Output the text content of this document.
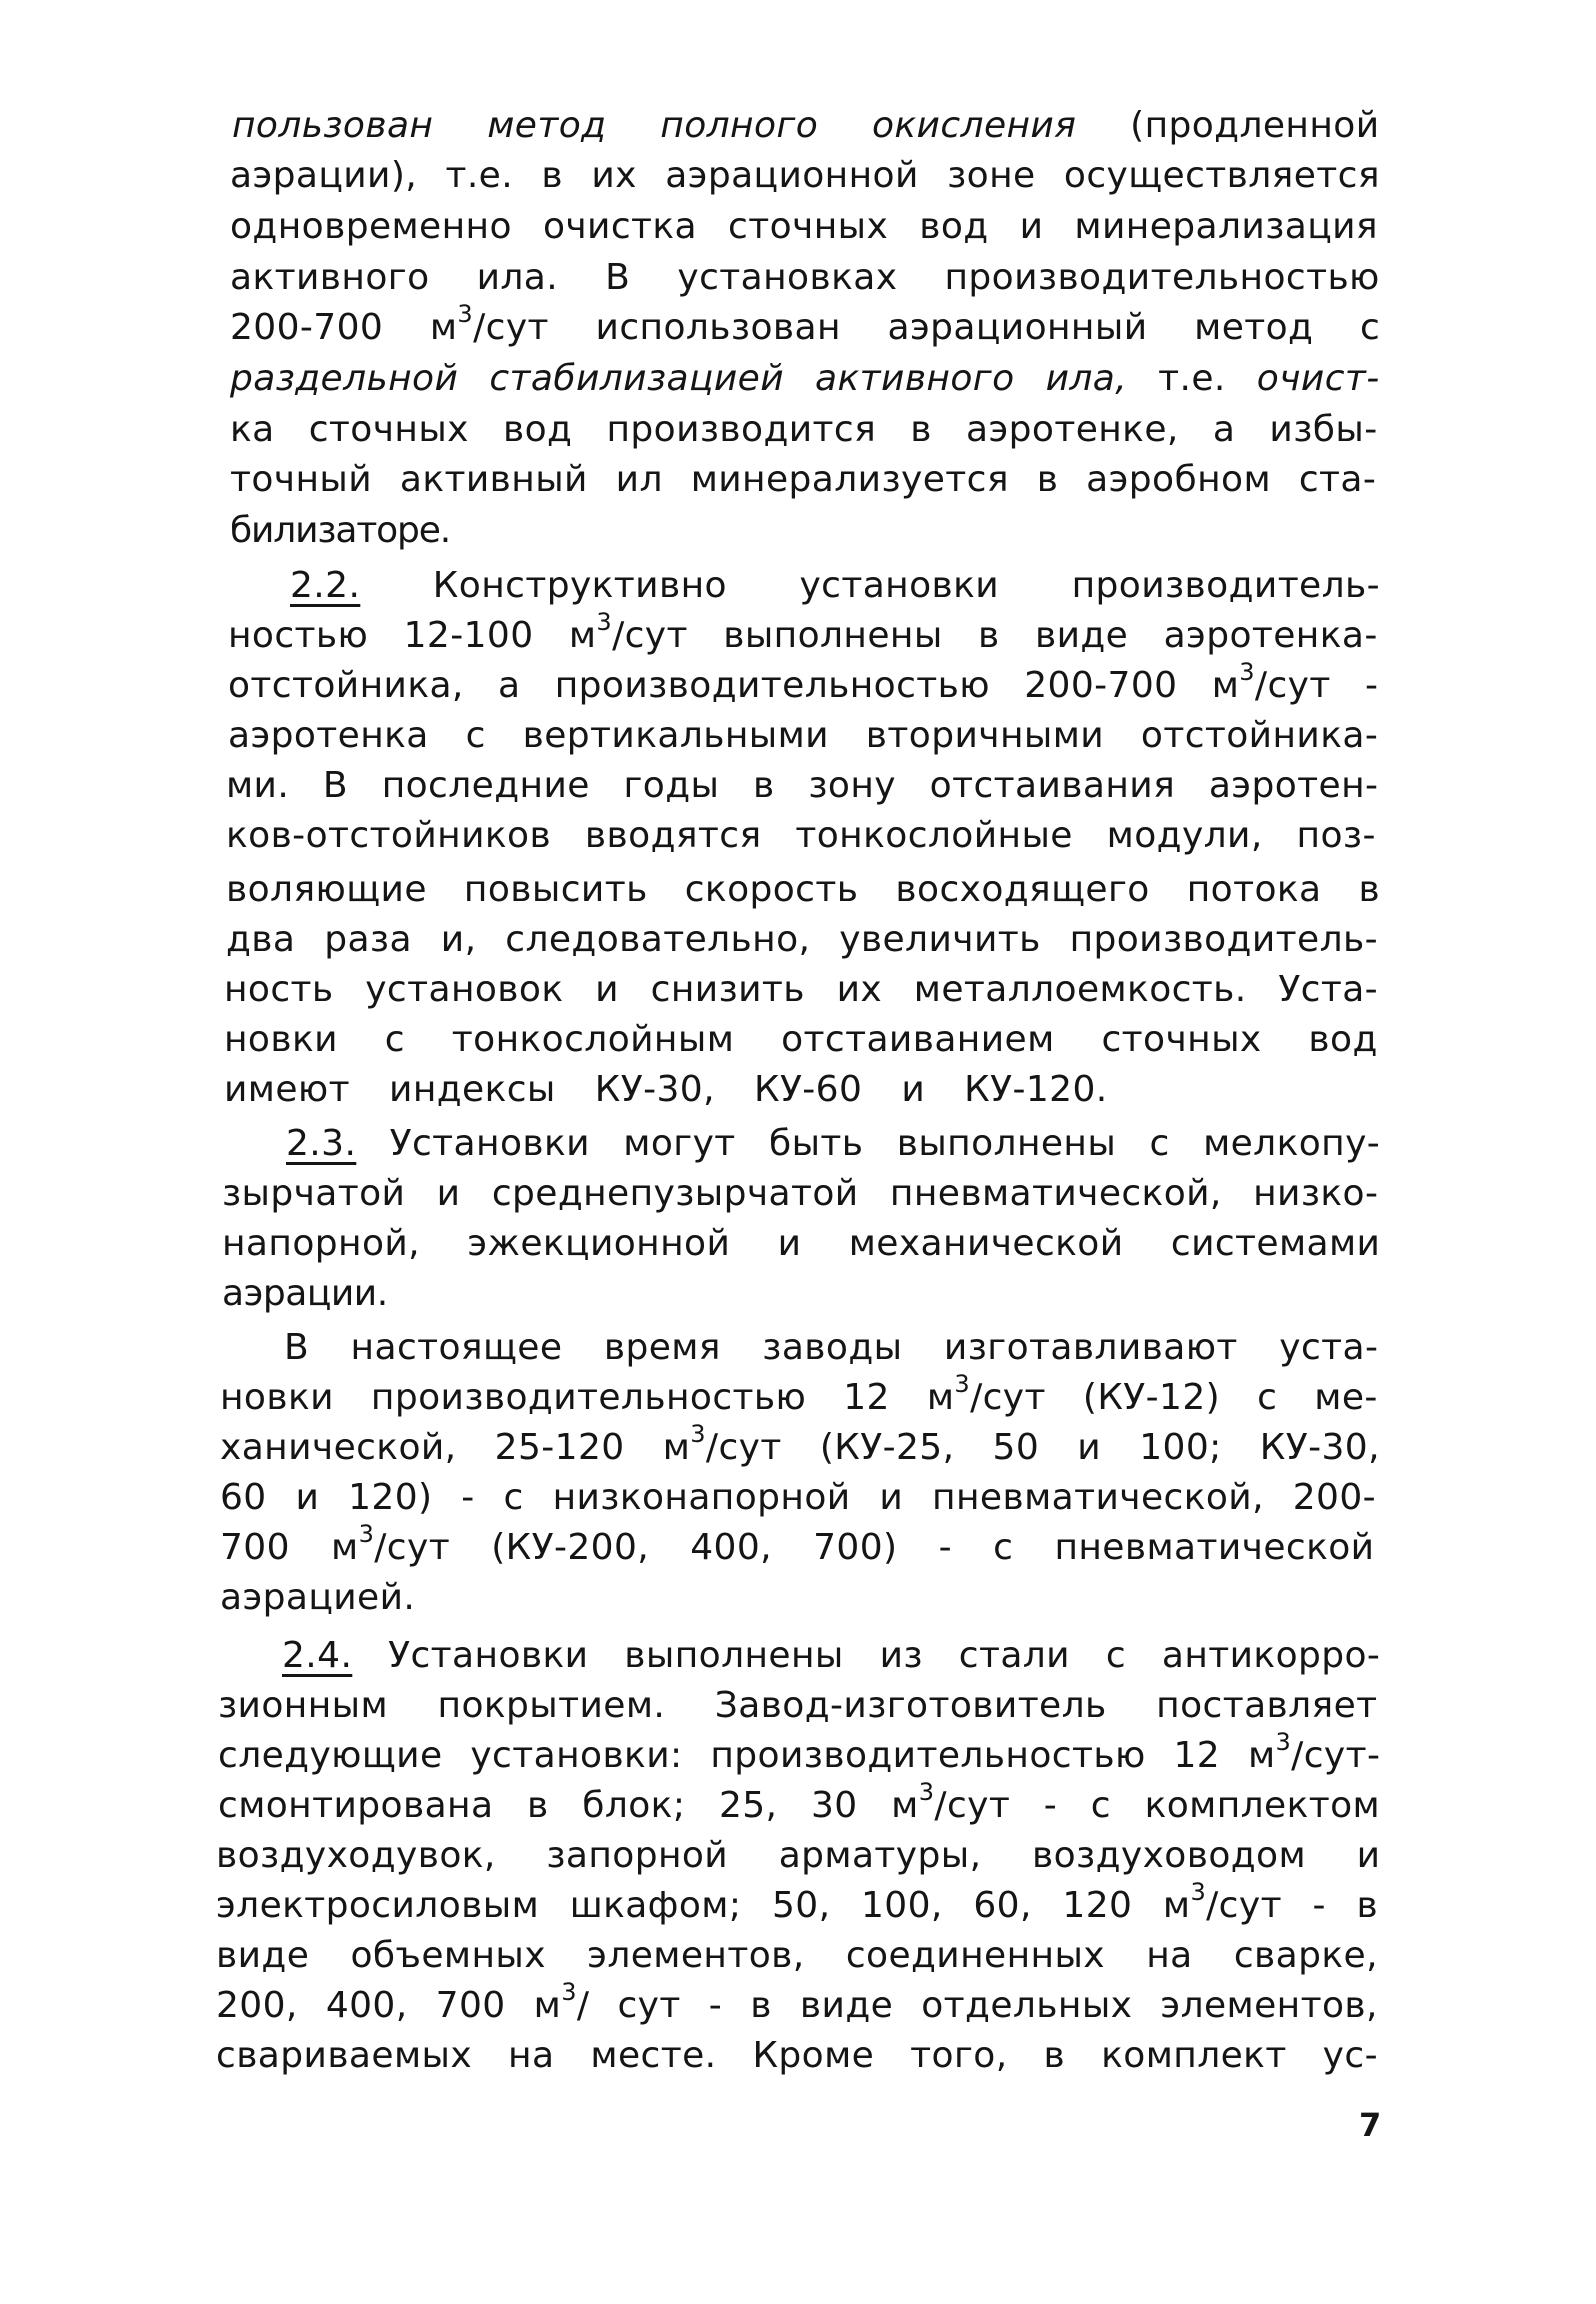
пользован метод полного окисления (продленной
аэрации), т.е. в их аэрационной зоне осуществляется
одновременно очистка сточных вод и минерализация
активного ила. В установках производительностью
200-700 $м^3$/сут использован аэрационный метод с
раздельной стабилизацией активного ила, т.е. очист-
ка сточных вод производится в аэротенке, а избы-
точный активный ил минерализуется в аэробном ста-
билизаторе.
2.2. Конструктивно установки производитель-
ностью 12-100 $м^3$/сут выполнены в виде аэротенка-
отстойника, а производительностью 200-700 $м^3$/сут -
аэротенка с вертикальными вторичными отстойника-
ми. В последние годы в зону отстаивания аэротен-
ков-отстойников вводятся тонкослойные модули, поз-
воляющие повысить скорость восходящего потока в
два раза и, следовательно, увеличить производитель-
ность установок и снизить их металлоемкость. Уста-
новки с тонкослойным отстаиванием сточных вод
имеют индексы КУ-30, КУ-60 и КУ-120.
2.3. Установки могут быть выполнены с мелкопу-
зырчатой и среднепузырчатой пневматической, низко-
напорной, эжекционной и механической системами
аэрации.
В настоящее время заводы изготавливают уста-
новки производительностью 12 $м^3$/сут (КУ-12) с ме-
ханической, 25-120 $м^3$/сут (КУ-25, 50 и 100; КУ-30,
60 и 120) - с низконапорной и пневматической, 200-
700 $м^3$/сут (КУ-200, 400, 700) - с пневматической
аэрацией.
2.4. Установки выполнены из стали с антикорро-
зионным покрытием. Завод-изготовитель поставляет
следующие установки: производительностью 12 $м^3/сут-$
смонтирована в блок; 25, 30 $м^3$/сут - с комплектом
воздуходувок, запорной арматуры, воздуховодом и
электросиловым шкафом; 50, 100, 60, 120 $м^3$/сут - в
виде объемных элементов, соединенных на сварке,
200, 400, 700 $м^3/$ сут - в виде отдельных элементов,
свариваемых на месте. Кроме того, в комплект ус-
7
